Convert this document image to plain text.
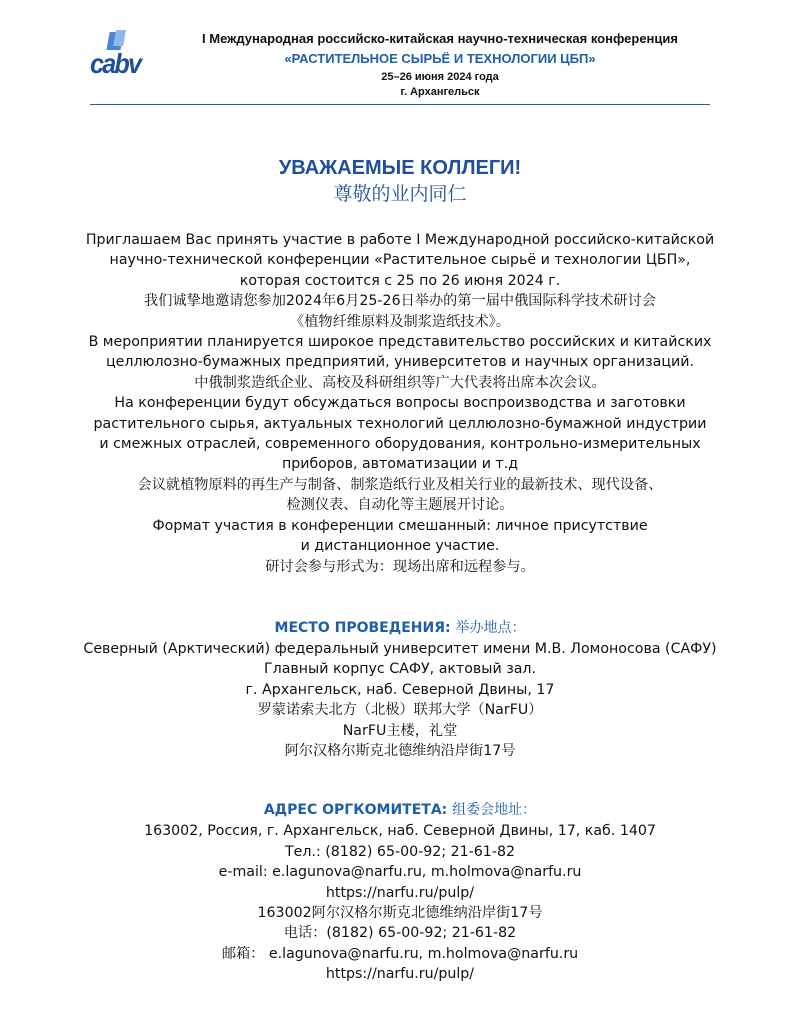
cabv
I Международная российско-китайская научно-техническая конференция
«РАСТИТЕЛЬНОЕ СЫРЬЁ И ТЕХНОЛОГИИ ЦБП»
25–26 июня 2024 года
г. Архангельск
УВАЖАЕМЫЕ КОЛЛЕГИ!
尊敬的业内同仁
Приглашаем Вас принять участие в работе I Международной российско-китайской
научно-технической конференции «Растительное сырьё и технологии ЦБП»,
которая состоится с 25 по 26 июня 2024 г.
我们诚挚地邀请您参加2024年6月25-26日举办的第一届中俄国际科学技术研讨会
《植物纤维原料及制浆造纸技术》。
В мероприятии планируется широкое представительство российских и китайских
целлюлозно-бумажных предприятий, университетов и научных организаций.
中俄制浆造纸企业、高校及科研组织等广大代表将出席本次会议。
На конференции будут обсуждаться вопросы воспроизводства и заготовки
растительного сырья, актуальных технологий целлюлозно-бумажной индустрии
и смежных отраслей, современного оборудования, контрольно-измерительных
приборов, автоматизации и т.д
会议就植物原料的再生产与制备、制浆造纸行业及相关行业的最新技术、现代设备、
检测仪表、自动化等主题展开讨论。
Формат участия в конференции смешанный: личное присутствие
и дистанционное участие.
研讨会参与形式为：现场出席和远程参与。
МЕСТО ПРОВЕДЕНИЯ: 举办地点：
Северный (Арктический) федеральный университет имени М.В. Ломоносова (САФУ)
Главный корпус САФУ, актовый зал.
г. Архангельск, наб. Северной Двины, 17
罗蒙诺索夫北方（北极）联邦大学（NarFU）
NarFU主楼，礼堂
阿尔汉格尔斯克北德维纳沿岸街17号
АДРЕС ОРГКОМИТЕТА: 组委会地址：
163002, Россия, г. Архангельск, наб. Северной Двины, 17, каб. 1407
Тел.: (8182) 65-00-92; 21-61-82
e-mail: e.lagunova@narfu.ru, m.holmova@narfu.ru
https://narfu.ru/pulp/
163002阿尔汉格尔斯克北德维纳沿岸街17号
电话：(8182) 65-00-92; 21-61-82
邮箱： e.lagunova@narfu.ru, m.holmova@narfu.ru
https://narfu.ru/pulp/
